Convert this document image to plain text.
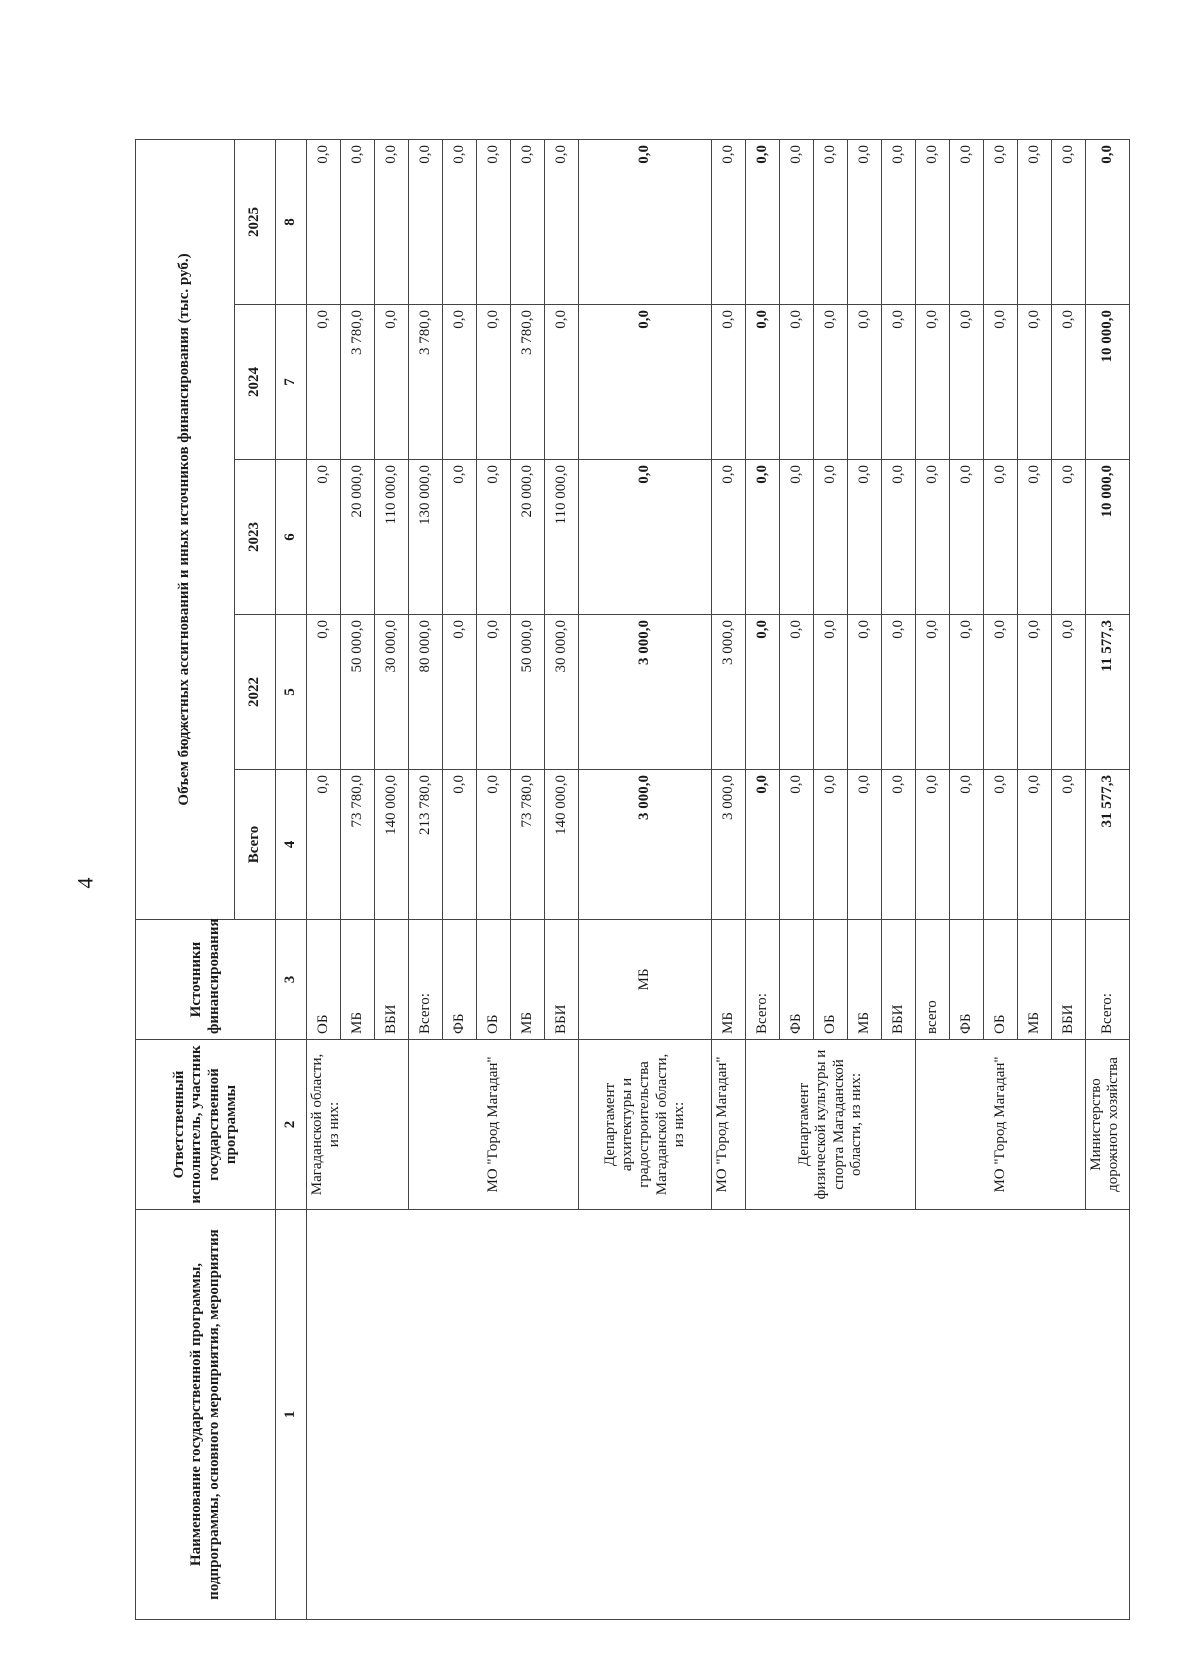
4
Наименование государственной программы, подпрограммы, основного мероприятия, мероприятия	Ответственный исполнитель, участник государственной программы	Источники финансирования	Объем бюджетных ассигнований и иных источников финансирования (тыс. руб.)				
			Всего	2022	2023	2024	2025
1	2	3	4	5	6	7	8
	Магаданской области, из них:	ОБ	0,0	0,0	0,0	0,0	0,0
		МБ	73 780,0	50 000,0	20 000,0	3 780,0	0,0
		ВБИ	140 000,0	30 000,0	110 000,0	0,0	0,0
	МО "Город Магадан"	Всего:	213 780,0	80 000,0	130 000,0	3 780,0	0,0
		ФБ	0,0	0,0	0,0	0,0	0,0
		ОБ	0,0	0,0	0,0	0,0	0,0
		МБ	73 780,0	50 000,0	20 000,0	3 780,0	0,0
		ВБИ	140 000,0	30 000,0	110 000,0	0,0	0,0
	Департамент архитектуры и градостроительства Магаданской области, из них:	МБ	3 000,0	3 000,0	0,0	0,0	0,0
	МО "Город Магадан"	МБ	3 000,0	3 000,0	0,0	0,0	0,0
	Департамент физической культуры и спорта Магаданской области, из них:	Всего:	0,0	0,0	0,0	0,0	0,0
		ФБ	0,0	0,0	0,0	0,0	0,0
		ОБ	0,0	0,0	0,0	0,0	0,0
		МБ	0,0	0,0	0,0	0,0	0,0
		ВБИ	0,0	0,0	0,0	0,0	0,0
	МО "Город Магадан"	всего	0,0	0,0	0,0	0,0	0,0
		ФБ	0,0	0,0	0,0	0,0	0,0
		ОБ	0,0	0,0	0,0	0,0	0,0
		МБ	0,0	0,0	0,0	0,0	0,0
		ВБИ	0,0	0,0	0,0	0,0	0,0
	Министерство дорожного хозяйства	Всего:	31 577,3	11 577,3	10 000,0	10 000,0	0,0
